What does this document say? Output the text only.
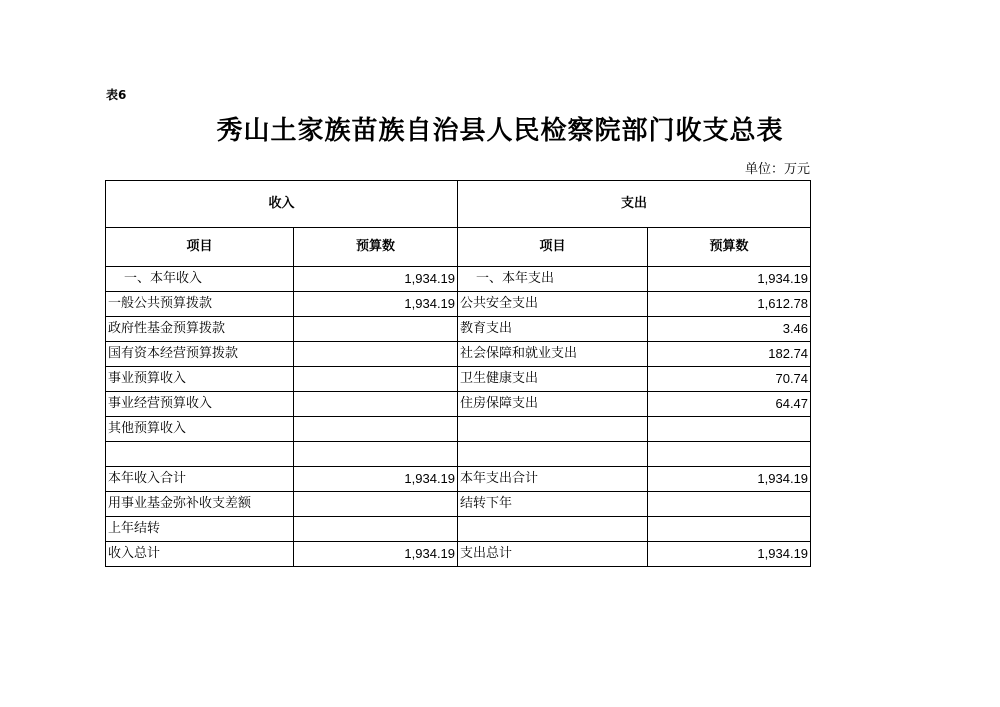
表6
秀山土家族苗族自治县人民检察院部门收支总表
单位：万元
收入		支出	
项目	预算数	项目	预算数
一、本年收入	1,934.19	一、本年支出	1,934.19
一般公共预算拨款	1,934.19	公共安全支出	1,612.78
政府性基金预算拨款		教育支出	3.46
国有资本经营预算拨款		社会保障和就业支出	182.74
事业预算收入		卫生健康支出	70.74
事业经营预算收入		住房保障支出	64.47
其他预算收入			

本年收入合计	1,934.19	本年支出合计	1,934.19
用事业基金弥补收支差额		结转下年	
上年结转			
收入总计	1,934.19	支出总计	1,934.19
